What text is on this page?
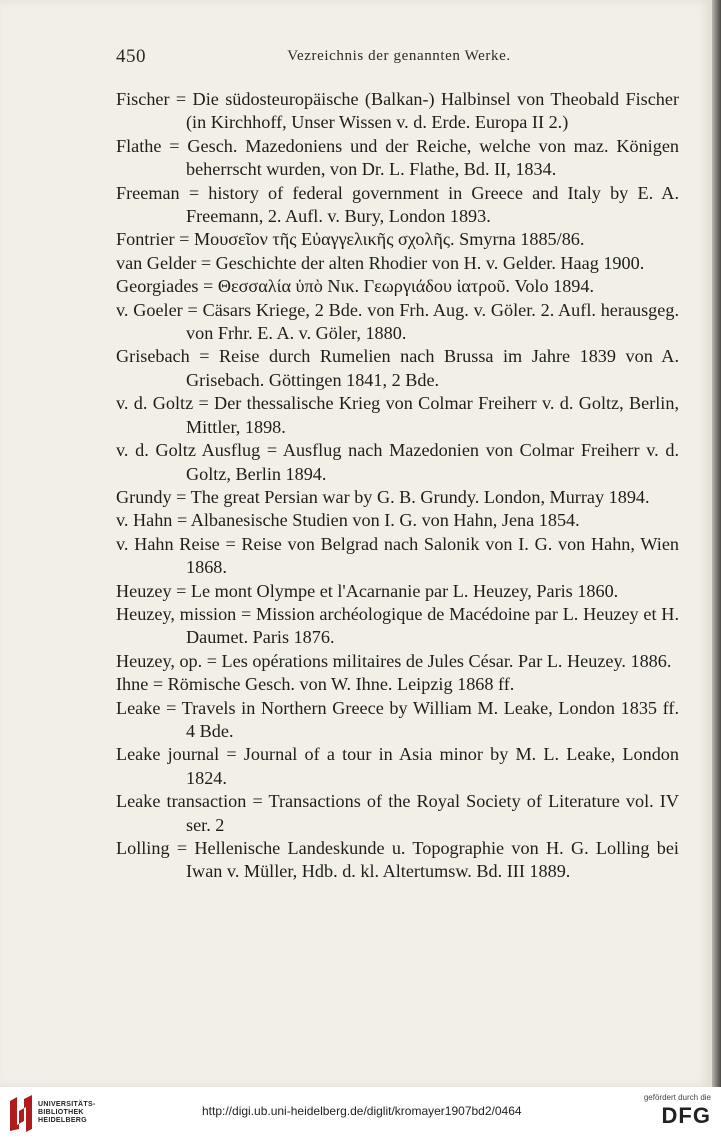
450	Vezreichnis der genannten Werke.
Fischer = Die südosteuropäische (Balkan-) Halbinsel von Theobald Fischer (in Kirchhoff, Unser Wissen v. d. Erde. Europa II 2.)
Flathe = Gesch. Mazedoniens und der Reiche, welche von maz. Königen beherrscht wurden, von Dr. L. Flathe, Bd. II, 1834.
Freeman = history of federal government in Greece and Italy by E. A. Freemann, 2. Aufl. v. Bury, London 1893.
Fontrier = Μουσεῖον τῆς Εὐαγγελικῆς σχολῆς. Smyrna 1885/86.
van Gelder = Geschichte der alten Rhodier von H. v. Gelder. Haag 1900.
Georgiades = Θεσσαλία ὑπὸ Νικ. Γεωργιάδου ἰατροῦ. Volo 1894.
v. Goeler = Cäsars Kriege, 2 Bde. von Frh. Aug. v. Göler. 2. Aufl. herausgeg. von Frhr. E. A. v. Göler, 1880.
Grisebach = Reise durch Rumelien nach Brussa im Jahre 1839 von A. Grisebach. Göttingen 1841, 2 Bde.
v. d. Goltz = Der thessalische Krieg von Colmar Freiherr v. d. Goltz, Berlin, Mittler, 1898.
v. d. Goltz Ausflug = Ausflug nach Mazedonien von Colmar Freiherr v. d. Goltz, Berlin 1894.
Grundy = The great Persian war by G. B. Grundy. London, Murray 1894.
v. Hahn = Albanesische Studien von I. G. von Hahn, Jena 1854.
v. Hahn Reise = Reise von Belgrad nach Salonik von I. G. von Hahn, Wien 1868.
Heuzey = Le mont Olympe et l'Acarnanie par L. Heuzey, Paris 1860.
Heuzey, mission = Mission archéologique de Macédoine par L. Heuzey et H. Daumet. Paris 1876.
Heuzey, op. = Les opérations militaires de Jules César. Par L. Heuzey. 1886.
Ihne = Römische Gesch. von W. Ihne. Leipzig 1868 ff.
Leake = Travels in Northern Greece by William M. Leake, London 1835 ff. 4 Bde.
Leake journal = Journal of a tour in Asia minor by M. L. Leake, London 1824.
Leake transaction = Transactions of the Royal Society of Literature vol. IV ser. 2
Lolling = Hellenische Landeskunde u. Topographie von H. G. Lolling bei Iwan v. Müller, Hdb. d. kl. Altertumsw. Bd. III 1889.
UNIVERSITÄTS-
BIBLIOTHEK
HEIDELBERG
http://digi.ub.uni-heidelberg.de/diglit/kromayer1907bd2/0464
gefördert durch die
DFG
